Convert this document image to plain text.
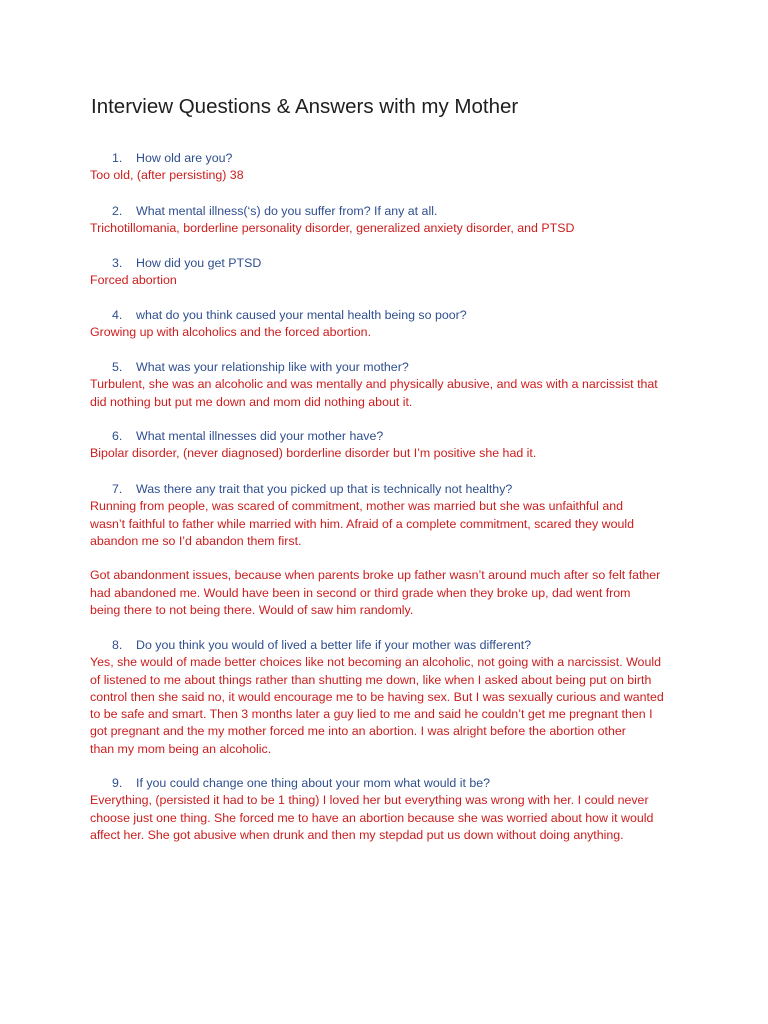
Interview Questions & Answers with my Mother
1. How old are you?

Too old, (after persisting) 38

2. What mental illness(‘s) do you suffer from? If any at all.

Trichotillomania, borderline personality disorder, generalized anxiety disorder, and PTSD

3. How did you get PTSD

Forced abortion

4. what do you think caused your mental health being so poor?

Growing up with alcoholics and the forced abortion.

5. What was your relationship like with your mother?

Turbulent, she was an alcoholic and was mentally and physically abusive, and was with a narcissist that

did nothing but put me down and mom did nothing about it.

6. What mental illnesses did your mother have?

Bipolar disorder, (never diagnosed) borderline disorder but I’m positive she had it.

7. Was there any trait that you picked up that is technically not healthy?

Running from people, was scared of commitment, mother was married but she was unfaithful and

wasn’t faithful to father while married with him. Afraid of a complete commitment, scared they would

abandon me so I’d abandon them first.

Got abandonment issues, because when parents broke up father wasn’t around much after so felt father

had abandoned me. Would have been in second or third grade when they broke up, dad went from

being there to not being there. Would of saw him randomly.

8. Do you think you would of lived a better life if your mother was different?

Yes, she would of made better choices like not becoming an alcoholic, not going with a narcissist. Would

of listened to me about things rather than shutting me down, like when I asked about being put on birth

control then she said no, it would encourage me to be having sex. But I was sexually curious and wanted

to be safe and smart. Then 3 months later a guy lied to me and said he couldn’t get me pregnant then I

got pregnant and the my mother forced me into an abortion. I was alright before the abortion other

than my mom being an alcoholic.

9. If you could change one thing about your mom what would it be?

Everything, (persisted it had to be 1 thing) I loved her but everything was wrong with her. I could never

choose just one thing. She forced me to have an abortion because she was worried about how it would

affect her. She got abusive when drunk and then my stepdad put us down without doing anything.
